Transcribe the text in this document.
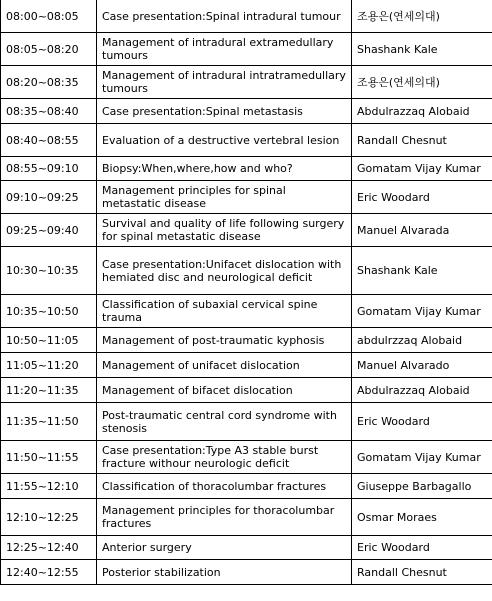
08:00~08:05	Case presentation:Spinal intradural tumour	조용은(연세의대)
08:05~08:20	Management of intradural extramedullary tumours	Shashank Kale
08:20~08:35	Management of intradural intratramedullary tumours	조용은(연세의대)
08:35~08:40	Case presentation:Spinal metastasis	Abdulrazzaq Alobaid
08:40~08:55	Evaluation of a destructive vertebral lesion	Randall Chesnut
08:55~09:10	Biopsy:When,where,how and who?	Gomatam Vijay Kumar
09:10~09:25	Management principles for spinal metastatic disease	Eric Woodard
09:25~09:40	Survival and quality of life following surgery for spinal metastatic disease	Manuel Alvarada
10:30~10:35	Case presentation:Unifacet dislocation with hemiated disc and neurological deficit	Shashank Kale
10:35~10:50	Classification of subaxial cervical spine trauma	Gomatam Vijay Kumar
10:50~11:05	Management of post-traumatic kyphosis	abdulrzzaq Alobaid
11:05~11:20	Management of unifacet dislocation	Manuel Alvarado
11:20~11:35	Management of bifacet dislocation	Abdulrazzaq Alobaid
11:35~11:50	Post-traumatic central cord syndrome with stenosis	Eric Woodard
11:50~11:55	Case presentation:Type A3 stable burst fracture withour neurologic deficit	Gomatam Vijay Kumar
11:55~12:10	Classification of thoracolumbar fractures	Giuseppe Barbagallo
12:10~12:25	Management principles for thoracolumbar fractures	Osmar Moraes
12:25~12:40	Anterior surgery	Eric Woodard
12:40~12:55	Posterior stabilization	Randall Chesnut
